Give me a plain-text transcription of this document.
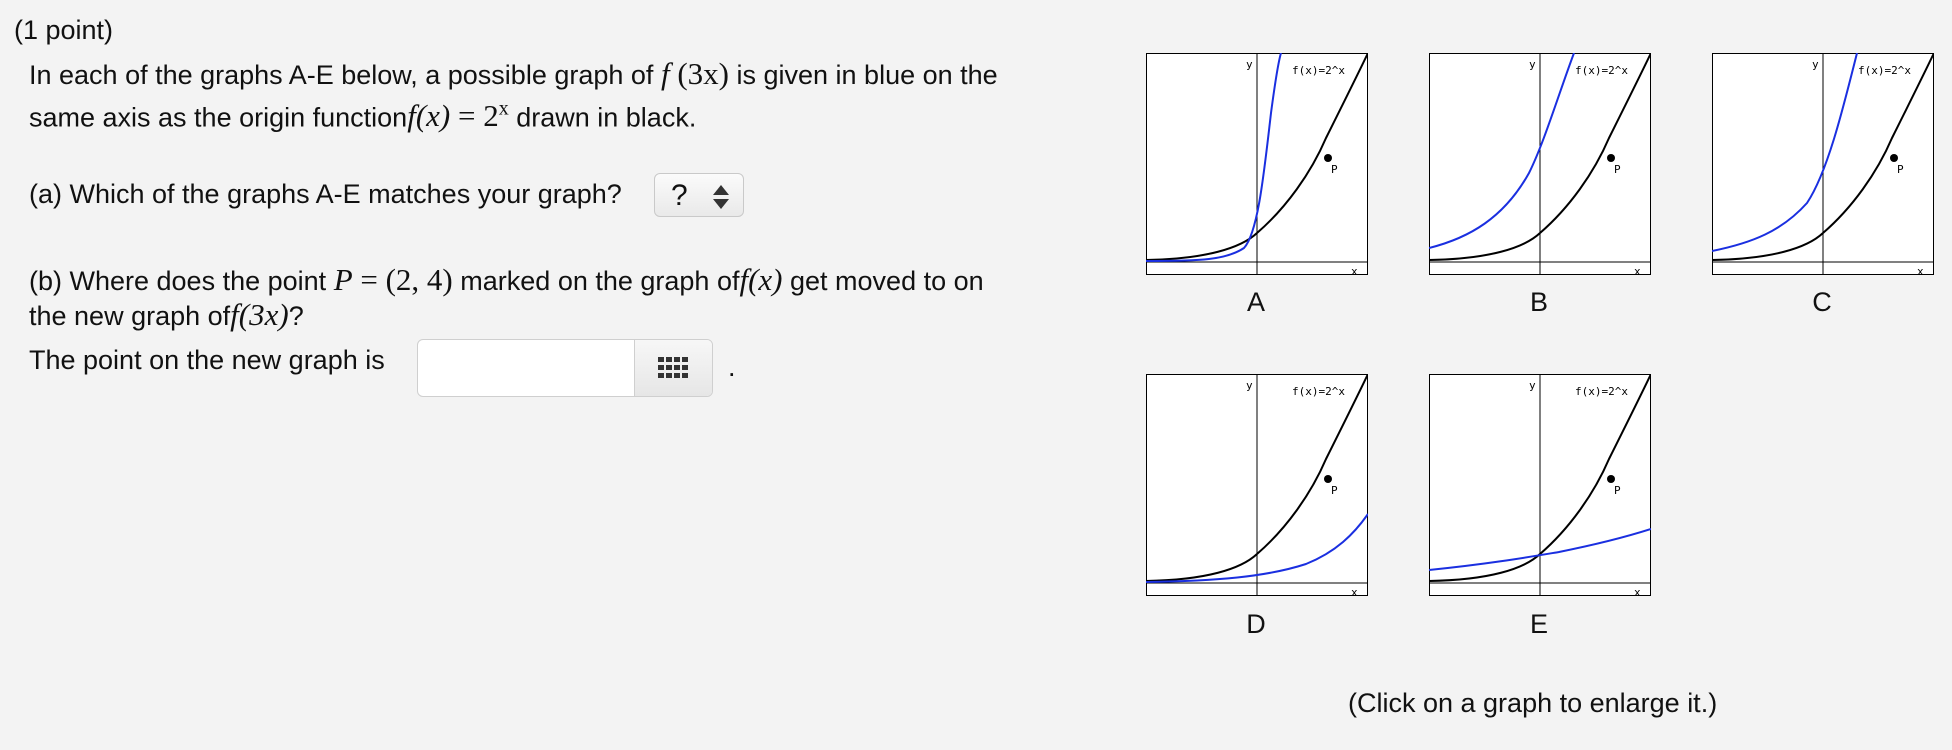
(1 point)
In each of the graphs A-E below, a possible graph of f (3x) is given in blue on the
same axis as the origin functionf(x) = $2^x$ drawn in black.
(a) Which of the graphs A-E matches your graph? ?
(b) Where does the point P = (2, 4) marked on the graph off(x) get moved to on
the new graph off(3x)?
The point on the new graph is	.
y	f(x)=2^x
P
x
A
y	f(x)=2^x
P
x
B
y	f(x)=2^x
P
x
C
y	f(x)=2^x
P
x
D
y	f(x)=2^x
P
x
E
(Click on a graph to enlarge it.)
